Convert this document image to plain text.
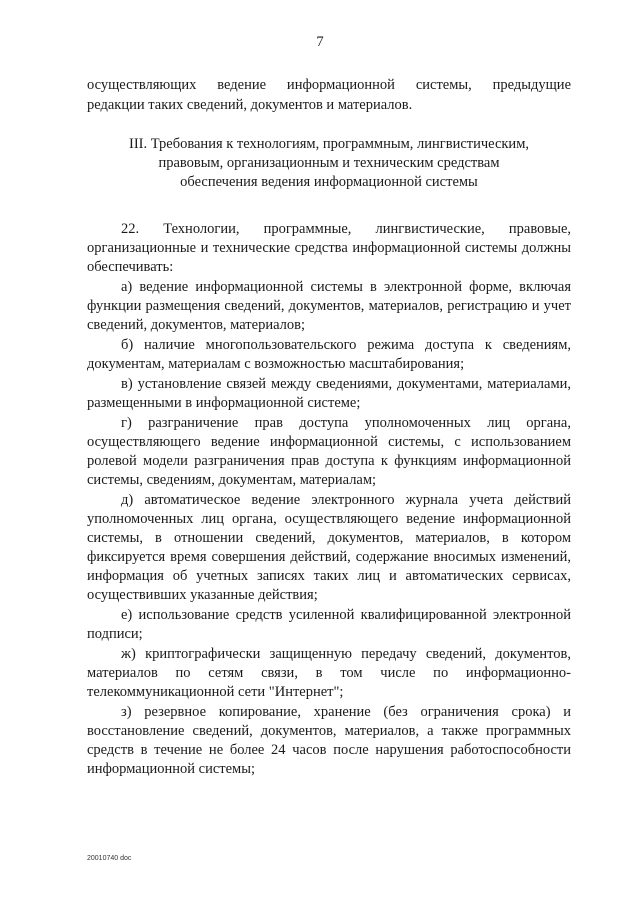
7

осуществляющих ведение информационной системы, предыдущие

редакции таких сведений, документов и материалов.

III. Требования к технологиям, программным, лингвистическим,
правовым, организационным и техническим средствам
обеспечения ведения информационной системы

22. Технологии, программные, лингвистические, правовые, организационные и технические средства информационной системы должны обеспечивать:

а) ведение информационной системы в электронной форме, включая функции размещения сведений, документов, материалов, регистрацию и учет сведений, документов, материалов;

б) наличие многопользовательского режима доступа к сведениям, документам, материалам с возможностью масштабирования;

в) установление связей между сведениями, документами, материалами, размещенными в информационной системе;

г) разграничение прав доступа уполномоченных лиц органа, осуществляющего ведение информационной системы, с использованием ролевой модели разграничения прав доступа к функциям информационной системы, сведениям, документам, материалам;

д) автоматическое ведение электронного журнала учета действий уполномоченных лиц органа, осуществляющего ведение информационной системы, в отношении сведений, документов, материалов, в котором фиксируется время совершения действий, содержание вносимых изменений, информация об учетных записях таких лиц и автоматических сервисах, осуществивших указанные действия;

е) использование средств усиленной квалифицированной электронной подписи;

ж) криптографически защищенную передачу сведений, документов, материалов по сетям связи, в том числе по информационно-телекоммуникационной сети "Интернет";

з) резервное копирование, хранение (без ограничения срока) и восстановление сведений, документов, материалов, а также программных средств в течение не более 24 часов после нарушения работоспособности информационной системы;

20010740 doc
